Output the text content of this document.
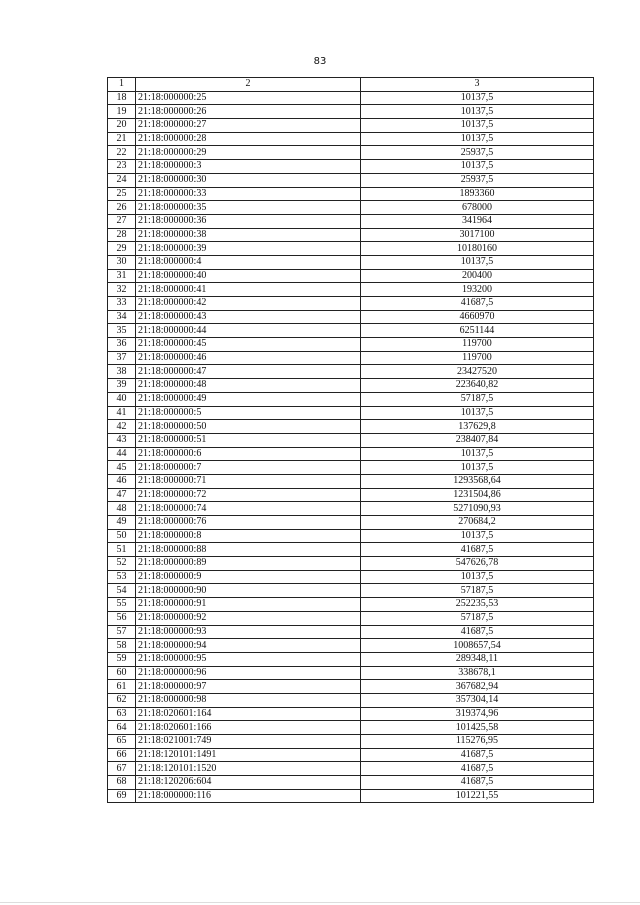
83
1	2	3
18	21:18:000000:25	10137,5
19	21:18:000000:26	10137,5
20	21:18:000000:27	10137,5
21	21:18:000000:28	10137,5
22	21:18:000000:29	25937,5
23	21:18:000000:3	10137,5
24	21:18:000000:30	25937,5
25	21:18:000000:33	1893360
26	21:18:000000:35	678000
27	21:18:000000:36	341964
28	21:18:000000:38	3017100
29	21:18:000000:39	10180160
30	21:18:000000:4	10137,5
31	21:18:000000:40	200400
32	21:18:000000:41	193200
33	21:18:000000:42	41687,5
34	21:18:000000:43	4660970
35	21:18:000000:44	6251144
36	21:18:000000:45	119700
37	21:18:000000:46	119700
38	21:18:000000:47	23427520
39	21:18:000000:48	223640,82
40	21:18:000000:49	57187,5
41	21:18:000000:5	10137,5
42	21:18:000000:50	137629,8
43	21:18:000000:51	238407,84
44	21:18:000000:6	10137,5
45	21:18:000000:7	10137,5
46	21:18:000000:71	1293568,64
47	21:18:000000:72	1231504,86
48	21:18:000000:74	5271090,93
49	21:18:000000:76	270684,2
50	21:18:000000:8	10137,5
51	21:18:000000:88	41687,5
52	21:18:000000:89	547626,78
53	21:18:000000:9	10137,5
54	21:18:000000:90	57187,5
55	21:18:000000:91	252235,53
56	21:18:000000:92	57187,5
57	21:18:000000:93	41687,5
58	21:18:000000:94	1008657,54
59	21:18:000000:95	289348,11
60	21:18:000000:96	338678,1
61	21:18:000000:97	367682,94
62	21:18:000000:98	357304,14
63	21:18:020601:164	319374,96
64	21:18:020601:166	101425,58
65	21:18:021001:749	115276,95
66	21:18:120101:1491	41687,5
67	21:18:120101:1520	41687,5
68	21:18:120206:604	41687,5
69	21:18:000000:116	101221,55
